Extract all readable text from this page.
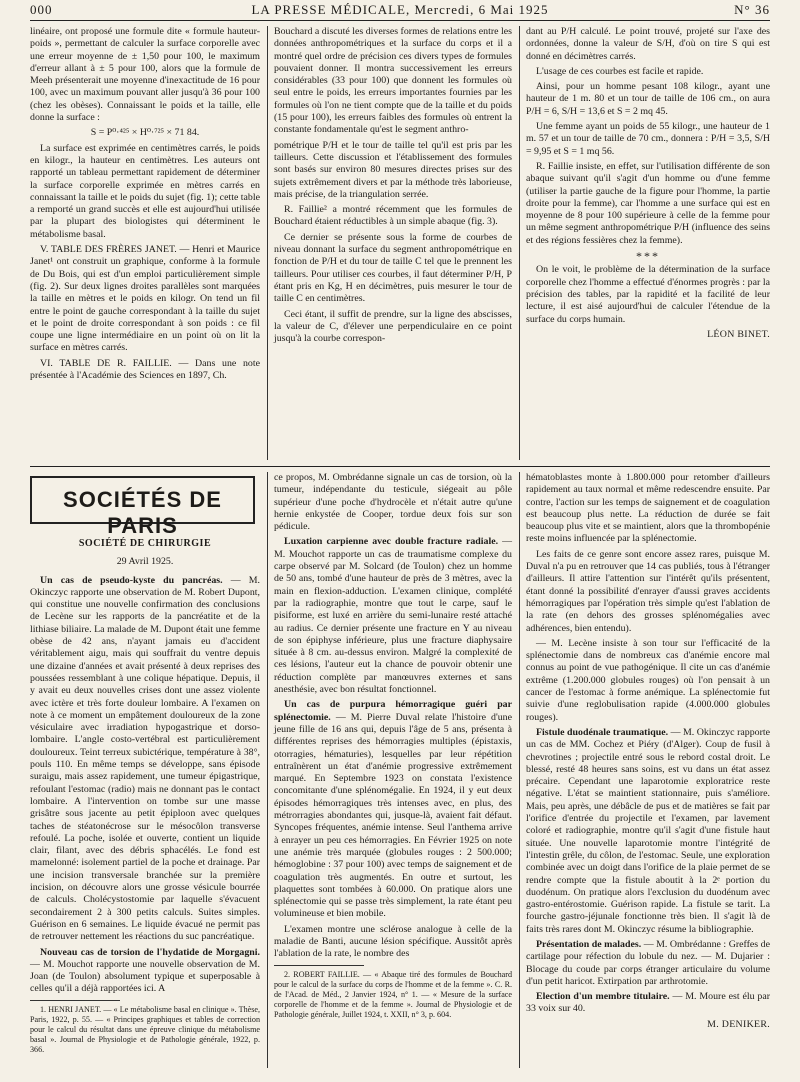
000	LA PRESSE MÉDICALE, Mercredi, 6 Mai 1925	N° 36

linéaire, ont proposé une formule dite « formule hauteur-poids », permettant de calculer la surface corporelle avec une erreur moyenne de ± 1,50 pour 100, le maximum d'erreur allant à ± 5 pour 100, alors que la formule de Meeh présenterait une moyenne d'inexactitude de 16 pour 100, avec un maximum pouvant aller jusqu'à 36 pour 100 (chez les obèses). Connaissant le poids et la taille, elle donne la surface :

S = P⁰·⁴²⁵ × H⁰·⁷²⁵ × 71 84.

La surface est exprimée en centimètres carrés, le poids en kilogr., la hauteur en centimètres. Les auteurs ont rapporté un tableau permettant rapidement de déterminer la surface corporelle exprimée en mètres carrés en connaissant la taille et le poids du sujet (fig. 1); cette table a remporté un grand succès et elle est aujourd'hui utilisée par la plupart des biologistes qui déterminent le métabolisme basal.

V. TABLE DES FRÈRES JANET. — Henri et Maurice Janet¹ ont construit un graphique, conforme à la formule de Du Bois, qui est d'un emploi particulièrement simple (fig. 2). Sur deux lignes droites parallèles sont marquées la taille en mètres et le poids en kilogr. On tend un fil entre le point de gauche correspondant à la taille du sujet et le point de droite correspondant à son poids : ce fil coupe une ligne intermédiaire en un point où on lit la surface en mètres carrés.

VI. TABLE DE R. FAILLIE. — Dans une note présentée à l'Académie des Sciences en 1897, Ch.

Bouchard a discuté les diverses formes de relations entre les données anthropométriques et la surface du corps et il a montré quel ordre de précision ces divers types de formules pouvaient donner. Il montra successivement les erreurs considérables (33 pour 100) que donnent les formules où seul entre le poids, les erreurs importantes fournies par les formules où l'on ne tient compte que de la taille et du poids (15 pour 100), les erreurs faibles des formules où entrent la constante fondamentale qu'est le segment anthro-

pométrique P/H et le tour de taille tel qu'il est pris par les tailleurs. Cette discussion et l'établissement des formules sont basés sur environ 80 mesures directes prises sur des sujets extrêmement divers et par la méthode très laborieuse, mais précise, de la triangulation serrée.

R. Faillie² a montré récemment que les formules de Bouchard étaient réductibles à un simple abaque (fig. 3).

Ce dernier se présente sous la forme de courbes de niveau donnant la surface du segment anthropométrique en fonction de P/H et du tour de taille C tel que le prennent les tailleurs. Pour utiliser ces courbes, il faut déterminer P/H, P étant pris en Kg, H en décimètres, puis mesurer le tour de taille C en centimètres.

Ceci étant, il suffit de prendre, sur la ligne des abscisses, la valeur de C, d'élever une perpendiculaire en ce point jusqu'à la courbe correspon-

dant au P/H calculé. Le point trouvé, projeté sur l'axe des ordonnées, donne la valeur de S/H, d'où on tire S qui est donné en décimètres carrés.

L'usage de ces courbes est facile et rapide.

Ainsi, pour un homme pesant 108 kilogr., ayant une hauteur de 1 m. 80 et un tour de taille de 106 cm., on aura P/H = 6, S/H = 13,6 et S = 2 mq 45.

Une femme ayant un poids de 55 kilogr., une hauteur de 1 m. 57 et un tour de taille de 70 cm., donnera : P/H = 3,5, S/H = 9,95 et S = 1 mq 56.

R. Faillie insiste, en effet, sur l'utilisation différente de son abaque suivant qu'il s'agit d'un homme ou d'une femme (utiliser la partie gauche de la figure pour l'homme, la partie droite pour la femme), car l'homme a une surface qui est en moyenne de 8 pour 100 supérieure à celle de la femme pour un même segment anthropométrique P/H (influence des seins et des régions fessières chez la femme).

***

On le voit, le problème de la détermination de la surface corporelle chez l'homme a effectué d'énormes progrès : par la précision des tables, par la rapidité et la facilité de leur lecture, il est aisé aujourd'hui de calculer l'étendue de la surface du corps humain.

LÉON BINET.

SOCIÉTÉS DE PARIS
SOCIÉTÉ DE CHIRURGIE
29 Avril 1925.

Un cas de pseudo-kyste du pancréas. — M. Okinczyc rapporte une observation de M. Robert Dupont, qui constitue une nouvelle confirmation des conclusions de Lecène sur les rapports de la pancréatite et de la lithiase biliaire. La malade de M. Dupont était une femme obèse de 42 ans, n'ayant jamais eu d'accident véritablement aigu, mais qui souffrait du ventre depuis une dizaine d'années et avait présenté à deux reprises des poussées ressemblant à une colique hépatique. Depuis, il y avait eu deux nouvelles crises dont une assez violente avec ictère et très forte douleur lombaire. A l'examen on note à ce moment un empâtement douloureux de la zone vésiculaire avec irradiation hypogastrique et dorso-lombaire. L'angle costo-vertébral est particulièrement douloureux. Teint terreux subictérique, température à 38°, pouls 110. En même temps se développe, sans épisode suraigu, mais assez rapidement, une tumeur épigastrique, refoulant l'estomac (radio) mais ne donnant pas le contact lombaire. A l'intervention on tombe sur une masse grisâtre sous jacente au petit épiploon avec quelques taches de stéatonécrose sur le mésocôlon transverse refoulé. La poche, isolée et ouverte, contient un liquide clair, filant, avec des débris sphacélés. Le fond est mamelonné: isolement partiel de la poche et drainage. Par une incision transversale branchée sur la première incision, on découvre alors une grosse vésicule bourrée de calculs. Cholécystostomie par laquelle s'évacuent secondairement 2 à 300 petits calculs. Suites simples. Guérison en 6 semaines. Le liquide évacué ne permit pas de retrouver nettement les réactions du suc pancréatique.

Nouveau cas de torsion de l'hydatide de Morgagni. — M. Mouchot rapporte une nouvelle observation de M. Joan (de Toulon) absolument typique et superposable à celles qu'il a déjà rapportées ici. A

1. HENRI JANET. — « Le métabolisme basal en clinique ». Thèse, Paris, 1922, p. 55. — « Principes graphiques et tables de correction pour le calcul du résultat dans une épreuve clinique du métabolisme basal ». Journal de Physiologie et de Pathologie générale, 1922, p. 366.

ce propos, M. Ombrédanne signale un cas de torsion, où la tumeur, indépendante du testicule, siégeait au pôle supérieur d'une poche d'hydrocèle et n'était autre qu'une hernie enkystée de Cooper, tordue deux fois sur son pédicule.

Luxation carpienne avec double fracture radiale. — M. Mouchot rapporte un cas de traumatisme complexe du carpe observé par M. Solcard (de Toulon) chez un homme de 50 ans, tombé d'une hauteur de près de 3 mètres, avec la main en flexion-adduction. L'examen clinique, complété par la radiographie, montre que tout le carpe, sauf le pisiforme, est luxé en arrière du semi-lunaire resté attaché au radius. Ce dernier présente une fracture en Y au niveau de son épiphyse inférieure, plus une fracture diaphysaire située à 8 cm. au-dessus environ. Malgré la complexité de ces lésions, l'auteur eut la chance de pouvoir obtenir une réduction complète par manœuvres externes et sans anesthésie, avec bon résultat fonctionnel.

Un cas de purpura hémorragique guéri par splénectomie. — M. Pierre Duval relate l'histoire d'une jeune fille de 16 ans qui, depuis l'âge de 5 ans, présenta à différentes reprises des hémorragies multiples (épistaxis, otorragies, hématuries), lesquelles par leur répétition entraînèrent un état d'anémie progressive extrêmement marqué. En Septembre 1923 on constata l'existence concomitante d'une splénomégalie. En 1924, il y eut deux épisodes hémorragiques très intenses avec, en plus, des métrorragies abondantes qui, jusque-là, avaient fait défaut. Syncopes fréquentes, anémie intense. Seul l'anthema arrive à enrayer un peu ces hémorragies. En Février 1925 on note une anémie très marquée (globules rouges : 2 500.000; hémoglobine : 37 pour 100) avec temps de saignement et de coagulation très augmentés. En outre et surtout, les plaquettes sont tombées à 60.000. On pratique alors une splénectomie qui se passe très simplement, la rate étant peu volumineuse et bien mobile.

L'examen montre une sclérose analogue à celle de la maladie de Banti, aucune lésion spécifique. Aussitôt après l'ablation de la rate, le nombre des

2. ROBERT FAILLIE. — « Abaque tiré des formules de Bouchard pour le calcul de la surface du corps de l'homme et de la femme ». C. R. de l'Acad. de Méd., 2 Janvier 1924, n° 1. — « Mesure de la surface corporelle de l'homme et de la femme ». Journal de Physiologie et de Pathologie générale, Juillet 1924, t. XXII, n° 3, p. 604.

hématoblastes monte à 1.800.000 pour retomber d'ailleurs rapidement au taux normal et même redescendre ensuite. Par contre, l'action sur les temps de saignement et de coagulation est beaucoup plus nette. La réduction de durée se fait beaucoup plus vite et se maintient, alors que la thrombopénie reste moins influencée par la splénectomie.

Les faits de ce genre sont encore assez rares, puisque M. Duval n'a pu en retrouver que 14 cas publiés, tous à l'étranger d'ailleurs. Il attire l'attention sur l'intérêt qu'ils présentent, étant donné la possibilité d'enrayer d'aussi graves accidents hémorragiques par l'opération très simple qu'est l'ablation de la rate (en dehors des grosses splénomégalies avec adhérences, bien entendu).

— M. Lecène insiste à son tour sur l'efficacité de la splénectomie dans de nombreux cas d'anémie encore mal connus au point de vue pathogénique. Il cite un cas d'anémie extrême (1.200.000 globules rouges) où l'on pensait à un cancer de l'estomac à forme anémique. La splénectomie fut suivie d'une reglobulisation rapide (4.000.000 globules rouges).

Fistule duodénale traumatique. — M. Okinczyc rapporte un cas de MM. Cochez et Piéry (d'Alger). Coup de fusil à chevrotines ; projectile entré sous le rebord costal droit. Le blessé, resté 48 heures sans soins, est vu dans un état assez précaire. Cependant une laparotomie exploratrice reste négative. L'état se maintient stationnaire, puis s'améliore. Mais, peu après, une débâcle de pus et de matières se fait par l'orifice d'entrée du projectile et l'examen, par lavement coloré et radiographie, montre qu'il s'agit d'une fistule haut située. Une nouvelle laparotomie montre l'intégrité de l'intestin grêle, du côlon, de l'estomac. Seule, une exploration combinée avec un doigt dans l'orifice de la plaie permet de se rendre compte que la fistule aboutit à la 2ᵉ portion du duodénum. On pratique alors l'exclusion du duodénum avec gastro-entérostomie. Guérison rapide. La fistule se tarit. La fourche gastro-jéjunale fonctionne très bien. Il s'agit là de faits très rares dont M. Okinczyc résume la bibliographie.

Présentation de malades. — M. Ombrédanne : Greffes de cartilage pour réfection du lobule du nez. — M. Dujarier : Blocage du coude par corps étranger articulaire du volume d'un petit haricot. Extirpation par arthrotomie.

Election d'un membre titulaire. — M. Moure est élu par 33 voix sur 40.

M. DENIKER.
